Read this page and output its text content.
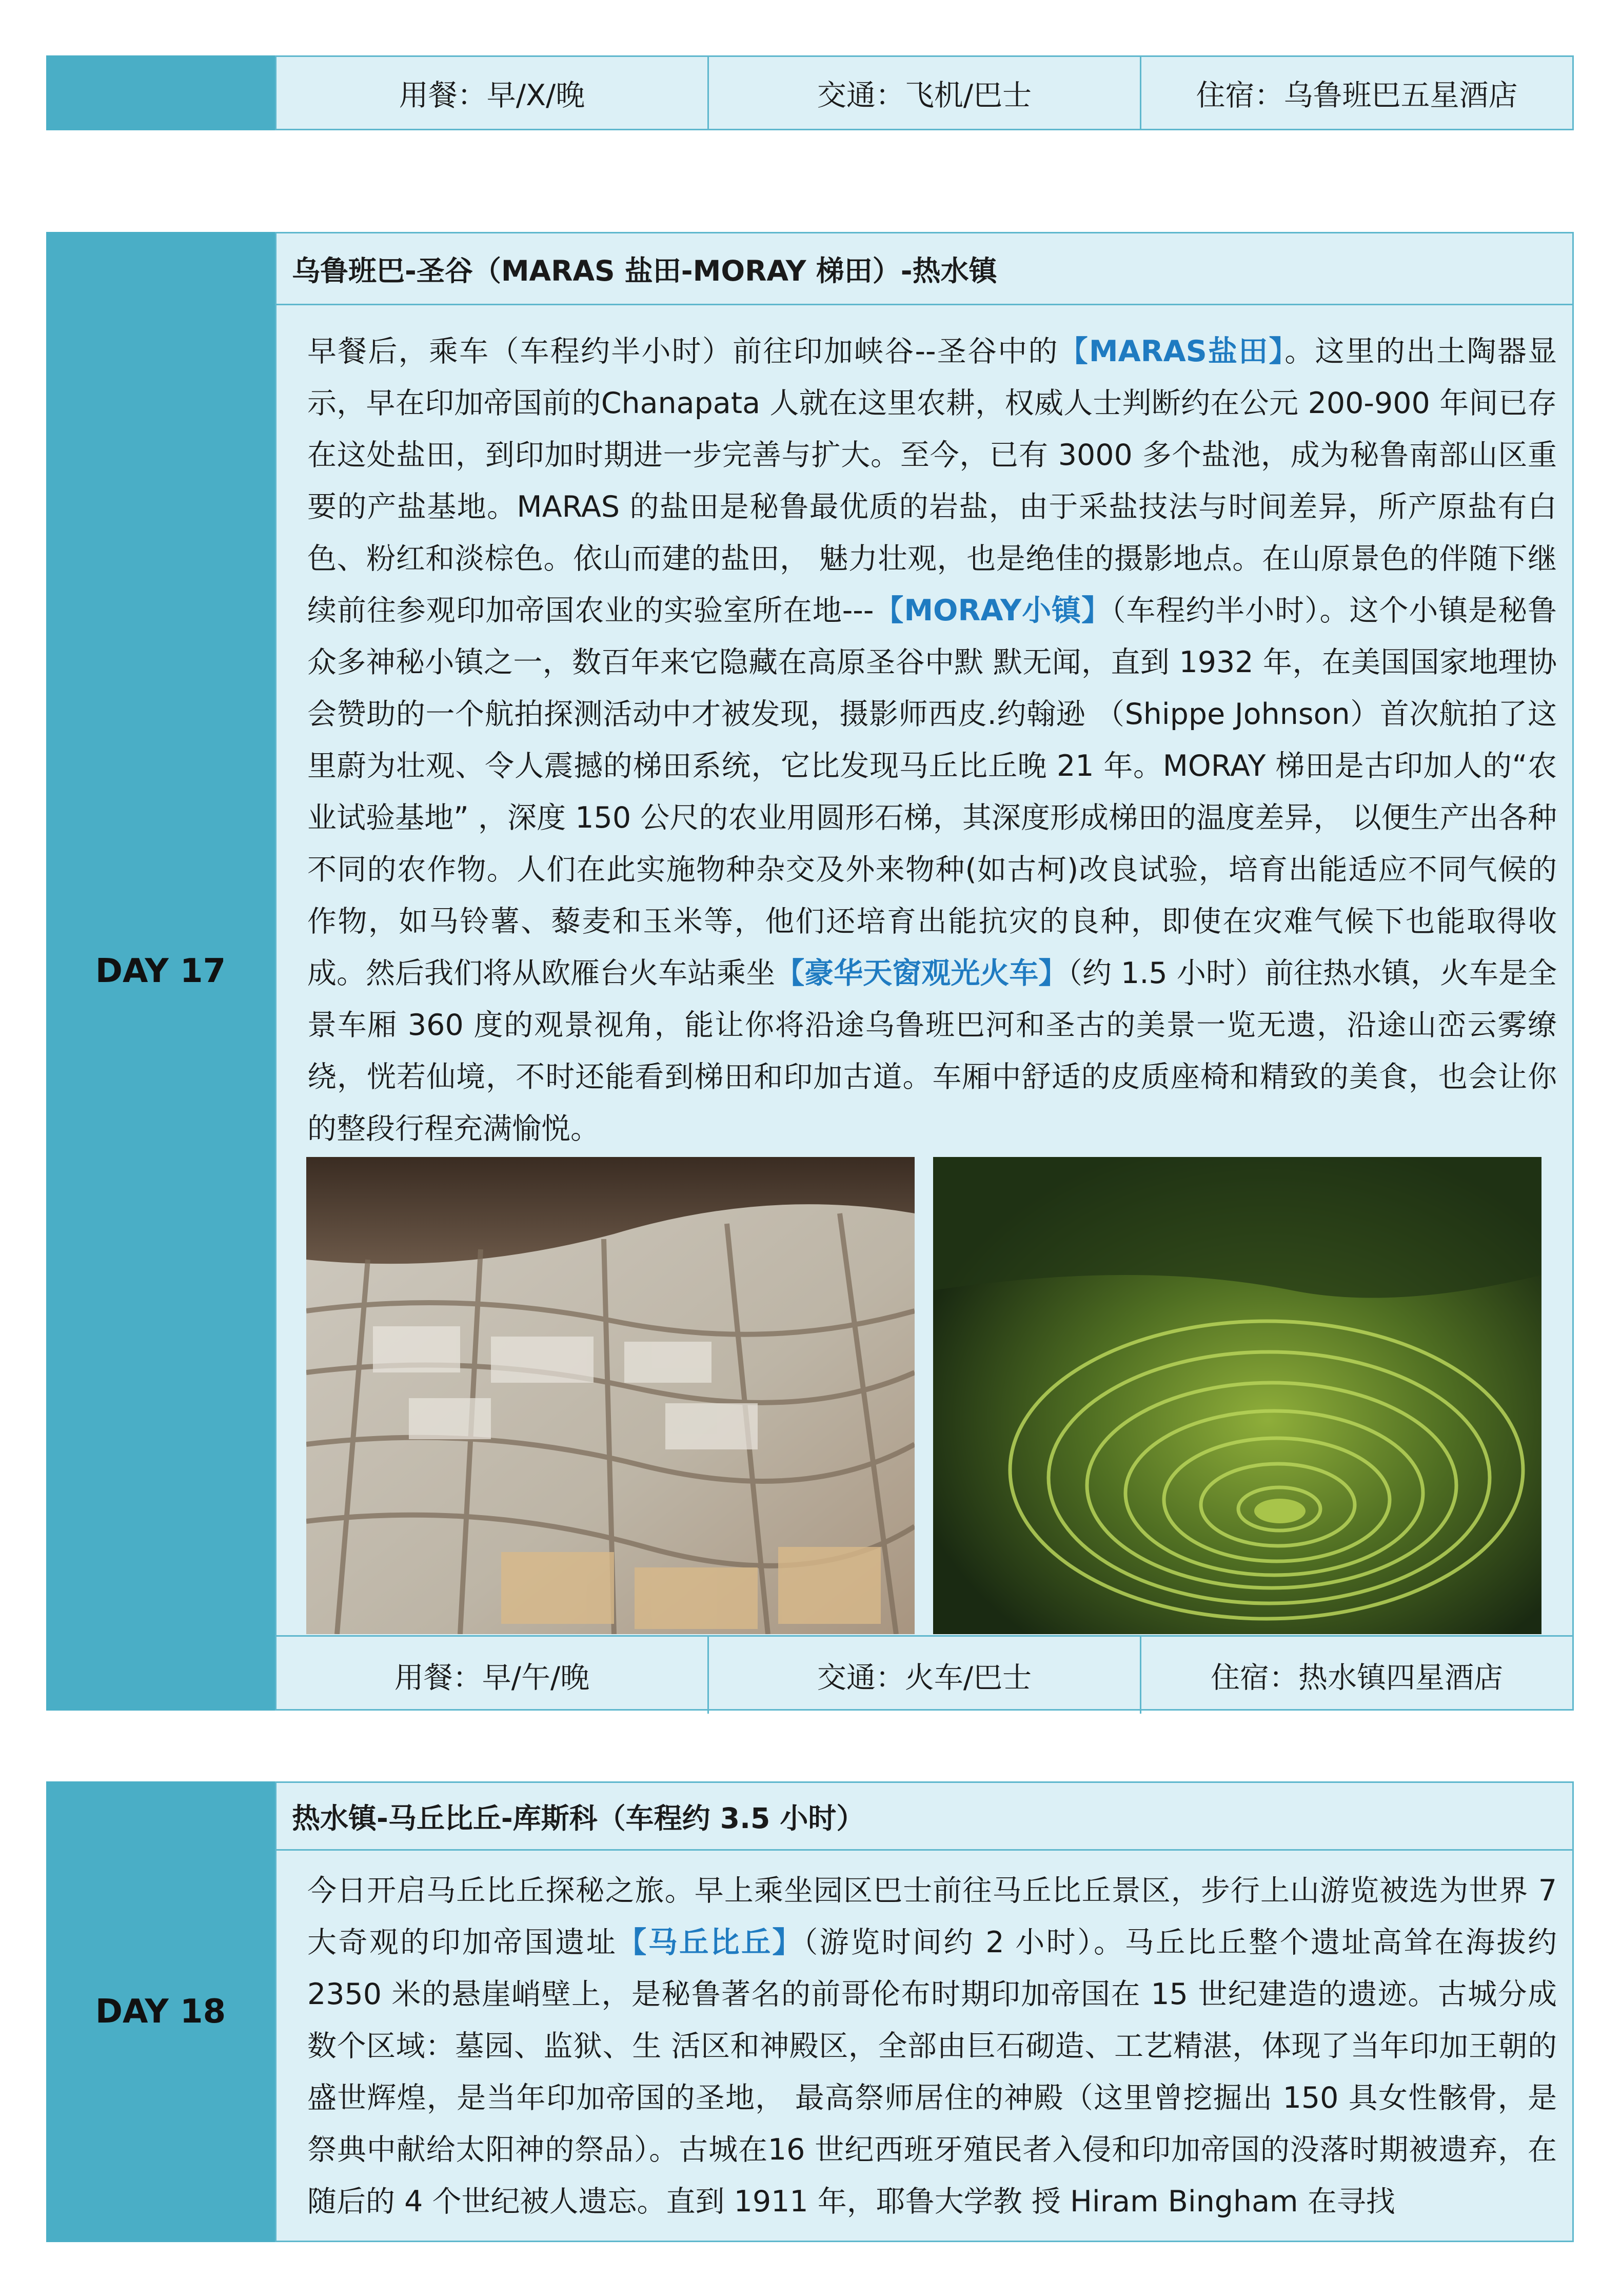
用餐：早/X/晚	交通：飞机/巴士	住宿：乌鲁班巴五星酒店
DAY 17
乌鲁班巴-圣谷（MARAS 盐田-MORAY 梯田）-热水镇
早餐后，乘车（车程约半小时）前往印加峡谷--圣谷中的【MARAS盐田】。这里的出土陶器显示，早在印加帝国前的Chanapata 人就在这里农耕，权威人士判断约在公元 200-900 年间已存在这处盐田，到印加时期进一步完善与扩大。至今，已有 3000 多个盐池，成为秘鲁南部山区重要的产盐基地。MARAS 的盐田是秘鲁最优质的岩盐，由于采盐技法与时间差异，所产原盐有白色、粉红和淡棕色。依山而建的盐田， 魅力壮观，也是绝佳的摄影地点。在山原景色的伴随下继续前往参观印加帝国农业的实验室所在地---【MORAY小镇】（车程约半小时）。这个小镇是秘鲁众多神秘小镇之一，数百年来它隐藏在高原圣谷中默 默无闻，直到 1932 年，在美国国家地理协会赞助的一个航拍探测活动中才被发现，摄影师西皮.约翰逊 （Shippe Johnson）首次航拍了这里蔚为壮观、令人震撼的梯田系统，它比发现马丘比丘晚 21 年。MORAY 梯田是古印加人的“农业试验基地” ，深度 150 公尺的农业用圆形石梯，其深度形成梯田的温度差异， 以便生产出各种不同的农作物。人们在此实施物种杂交及外来物种(如古柯)改良试验，培育出能适应不同气候的作物，如马铃薯、藜麦和玉米等，他们还培育出能抗灾的良种，即使在灾难气候下也能取得收成。然后我们将从欧雁台火车站乘坐【豪华天窗观光火车】（约 1.5 小时）前往热水镇，火车是全景车厢 360 度的观景视角，能让你将沿途乌鲁班巴河和圣古的美景一览无遗，沿途山峦云雾缭绕，恍若仙境，不时还能看到梯田和印加古道。车厢中舒适的皮质座椅和精致的美食，也会让你的整段行程充满愉悦。
用餐：早/午/晚	交通：火车/巴士	住宿：热水镇四星酒店
DAY 18
热水镇-马丘比丘-库斯科（车程约 3.5 小时）
今日开启马丘比丘探秘之旅。早上乘坐园区巴士前往马丘比丘景区，步行上山游览被选为世界 7 大奇观的印加帝国遗址【马丘比丘】（游览时间约 2 小时）。马丘比丘整个遗址高耸在海拔约 2350 米的悬崖峭壁上，是秘鲁著名的前哥伦布时期印加帝国在 15 世纪建造的遗迹。古城分成数个区域：墓园、监狱、生 活区和神殿区，全部由巨石砌造、工艺精湛，体现了当年印加王朝的盛世辉煌，是当年印加帝国的圣地， 最高祭师居住的神殿（这里曾挖掘出 150 具女性骸骨，是祭典中献给太阳神的祭品）。古城在16 世纪西班牙殖民者入侵和印加帝国的没落时期被遗弃，在随后的 4 个世纪被人遗忘。直到 1911 年，耶鲁大学教 授 Hiram Bingham 在寻找
